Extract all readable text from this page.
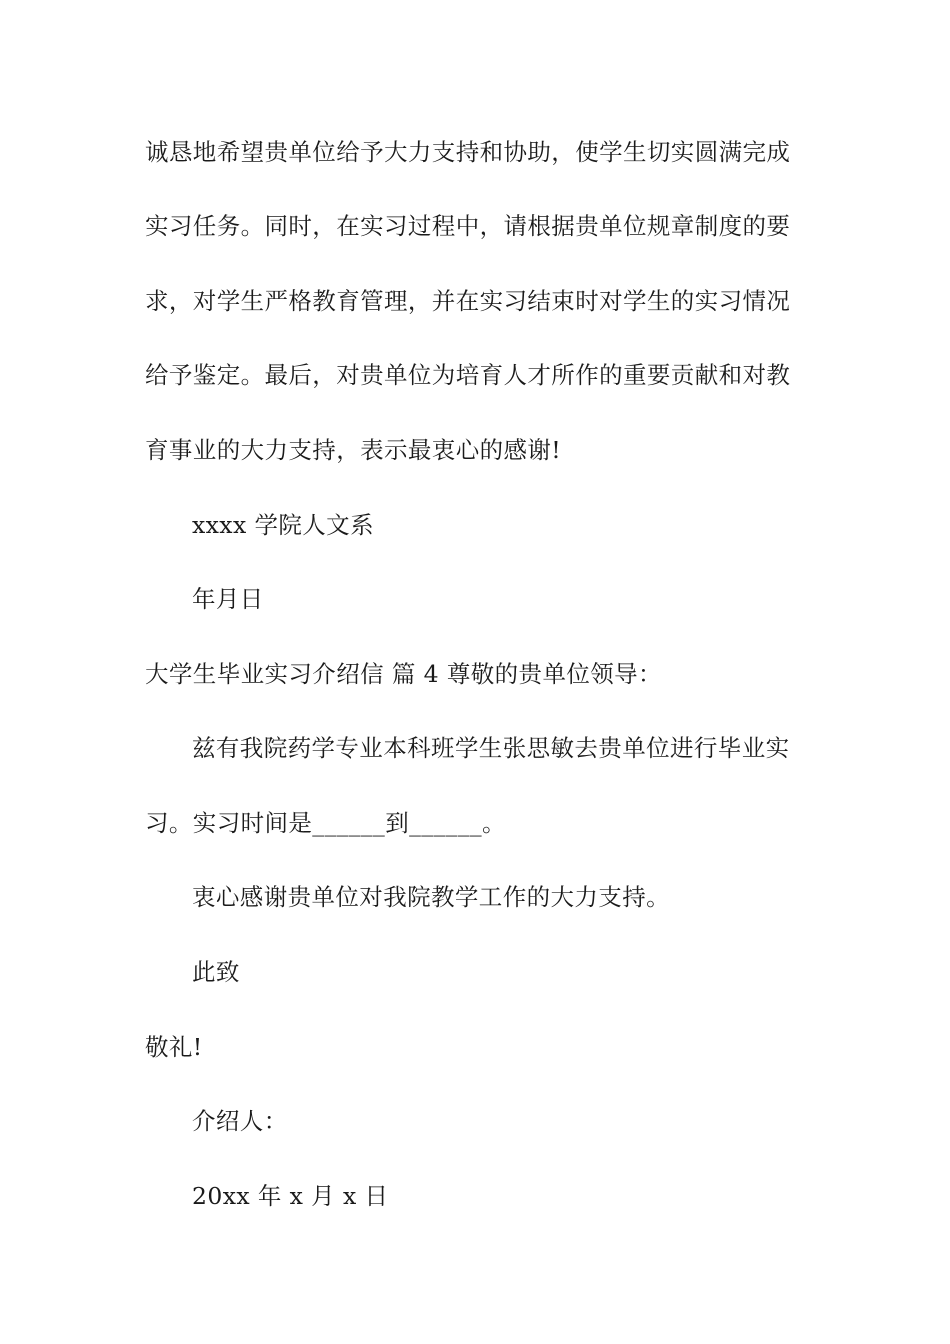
诚恳地希望贵单位给予大力支持和协助，使学生切实圆满完成
实习任务。同时，在实习过程中，请根据贵单位规章制度的要
求，对学生严格教育管理，并在实习结束时对学生的实习情况
给予鉴定。最后，对贵单位为培育人才所作的重要贡献和对教
育事业的大力支持，表示最衷心的感谢!
xxxx 学院人文系
年月日
大学生毕业实习介绍信 篇 4 尊敬的贵单位领导：
兹有我院药学专业本科班学生张思敏去贵单位进行毕业实
习。实习时间是______到______。
衷心感谢贵单位对我院教学工作的大力支持。
此致
敬礼!
介绍人：
20xx 年 x 月 x 日
